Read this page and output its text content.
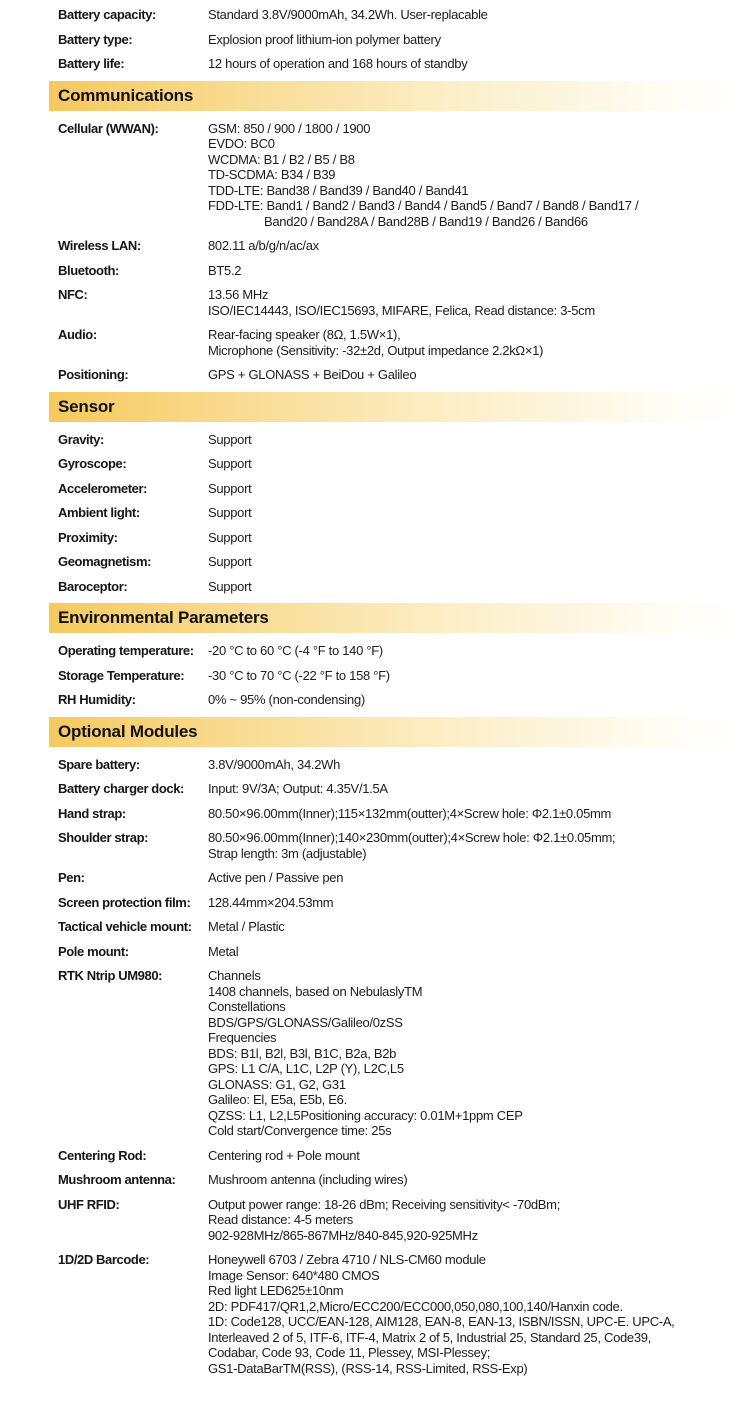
Battery capacity:	Standard 3.8V/9000mAh, 34.2Wh. User-replacable
Battery type:	Explosion proof lithium-ion polymer battery
Battery life:	12 hours of operation and 168 hours of standby
Communications
Cellular (WWAN):	GSM: 850 / 900 / 1800 / 1900
EVDO: BC0
WCDMA: B1 / B2 / B5 / B8
TD-SCDMA: B34 / B39
TDD-LTE: Band38 / Band39 / Band40 / Band41
FDD-LTE: Band1 / Band2 / Band3 / Band4 / Band5 / Band7 / Band8 / Band17 /
Band20 / Band28A / Band28B / Band19 / Band26 / Band66
Wireless LAN:	802.11 a/b/g/n/ac/ax
Bluetooth:	BT5.2
NFC:	13.56 MHz
ISO/IEC14443, ISO/IEC15693, MIFARE, Felica, Read distance: 3-5cm
Audio:	Rear-facing speaker (8Ω, 1.5W×1),
Microphone (Sensitivity: -32±2d, Output impedance 2.2kΩ×1)
Positioning:	GPS + GLONASS + BeiDou + Galileo
Sensor
Gravity:	Support
Gyroscope:	Support
Accelerometer:	Support
Ambient light:	Support
Proximity:	Support
Geomagnetism:	Support
Baroceptor:	Support
Environmental Parameters
Operating temperature:	-20 °C to 60 °C (-4 °F to 140 °F)
Storage Temperature:	-30 °C to 70 °C (-22 °F to 158 °F)
RH Humidity:	0% ~ 95% (non-condensing)
Optional Modules
Spare battery:	3.8V/9000mAh, 34.2Wh
Battery charger dock:	Input: 9V/3A; Output: 4.35V/1.5A
Hand strap:	80.50×96.00mm(Inner);115×132mm(outter);4×Screw hole: Φ2.1±0.05mm
Shoulder strap:	80.50×96.00mm(Inner);140×230mm(outter);4×Screw hole: Φ2.1±0.05mm;
Strap length: 3m (adjustable)
Pen:	Active pen / Passive pen
Screen protection film:	128.44mm×204.53mm
Tactical vehicle mount:	Metal / Plastic
Pole mount:	Metal
RTK Ntrip UM980:	Channels
1408 channels, based on NebulaslyTM
Constellations
BDS/GPS/GLONASS/Galileo/0zSS
Frequencies
BDS: B1l, B2l, B3l, B1C, B2a, B2b
GPS: L1 C/A, L1C, L2P (Y), L2C,L5
GLONASS: G1, G2, G31
Galileo: El, E5a, E5b, E6.
QZSS: L1, L2,L5Positioning accuracy: 0.01M+1ppm CEP
Cold start/Convergence time: 25s
Centering Rod:	Centering rod + Pole mount
Mushroom antenna:	Mushroom antenna (including wires)
UHF RFID:	Output power range: 18-26 dBm; Receiving sensitivity< -70dBm;
Read distance: 4-5 meters
902-928MHz/865-867MHz/840-845,920-925MHz
1D/2D Barcode:	Honeywell 6703 / Zebra 4710 / NLS-CM60 module
Image Sensor: 640*480 CMOS
Red light LED625±10nm
2D: PDF417/QR1,2,Micro/ECC200/ECC000,050,080,100,140/Hanxin code.
1D: Code128, UCC/EAN-128, AIM128, EAN-8, EAN-13, ISBN/ISSN, UPC-E. UPC-A,
Interleaved 2 of 5, ITF-6, ITF-4, Matrix 2 of 5, Industrial 25, Standard 25, Code39,
Codabar, Code 93, Code 11, Plessey, MSI-Plessey;
GS1-DataBarTM(RSS), (RSS-14, RSS-Limited, RSS-Exp)
